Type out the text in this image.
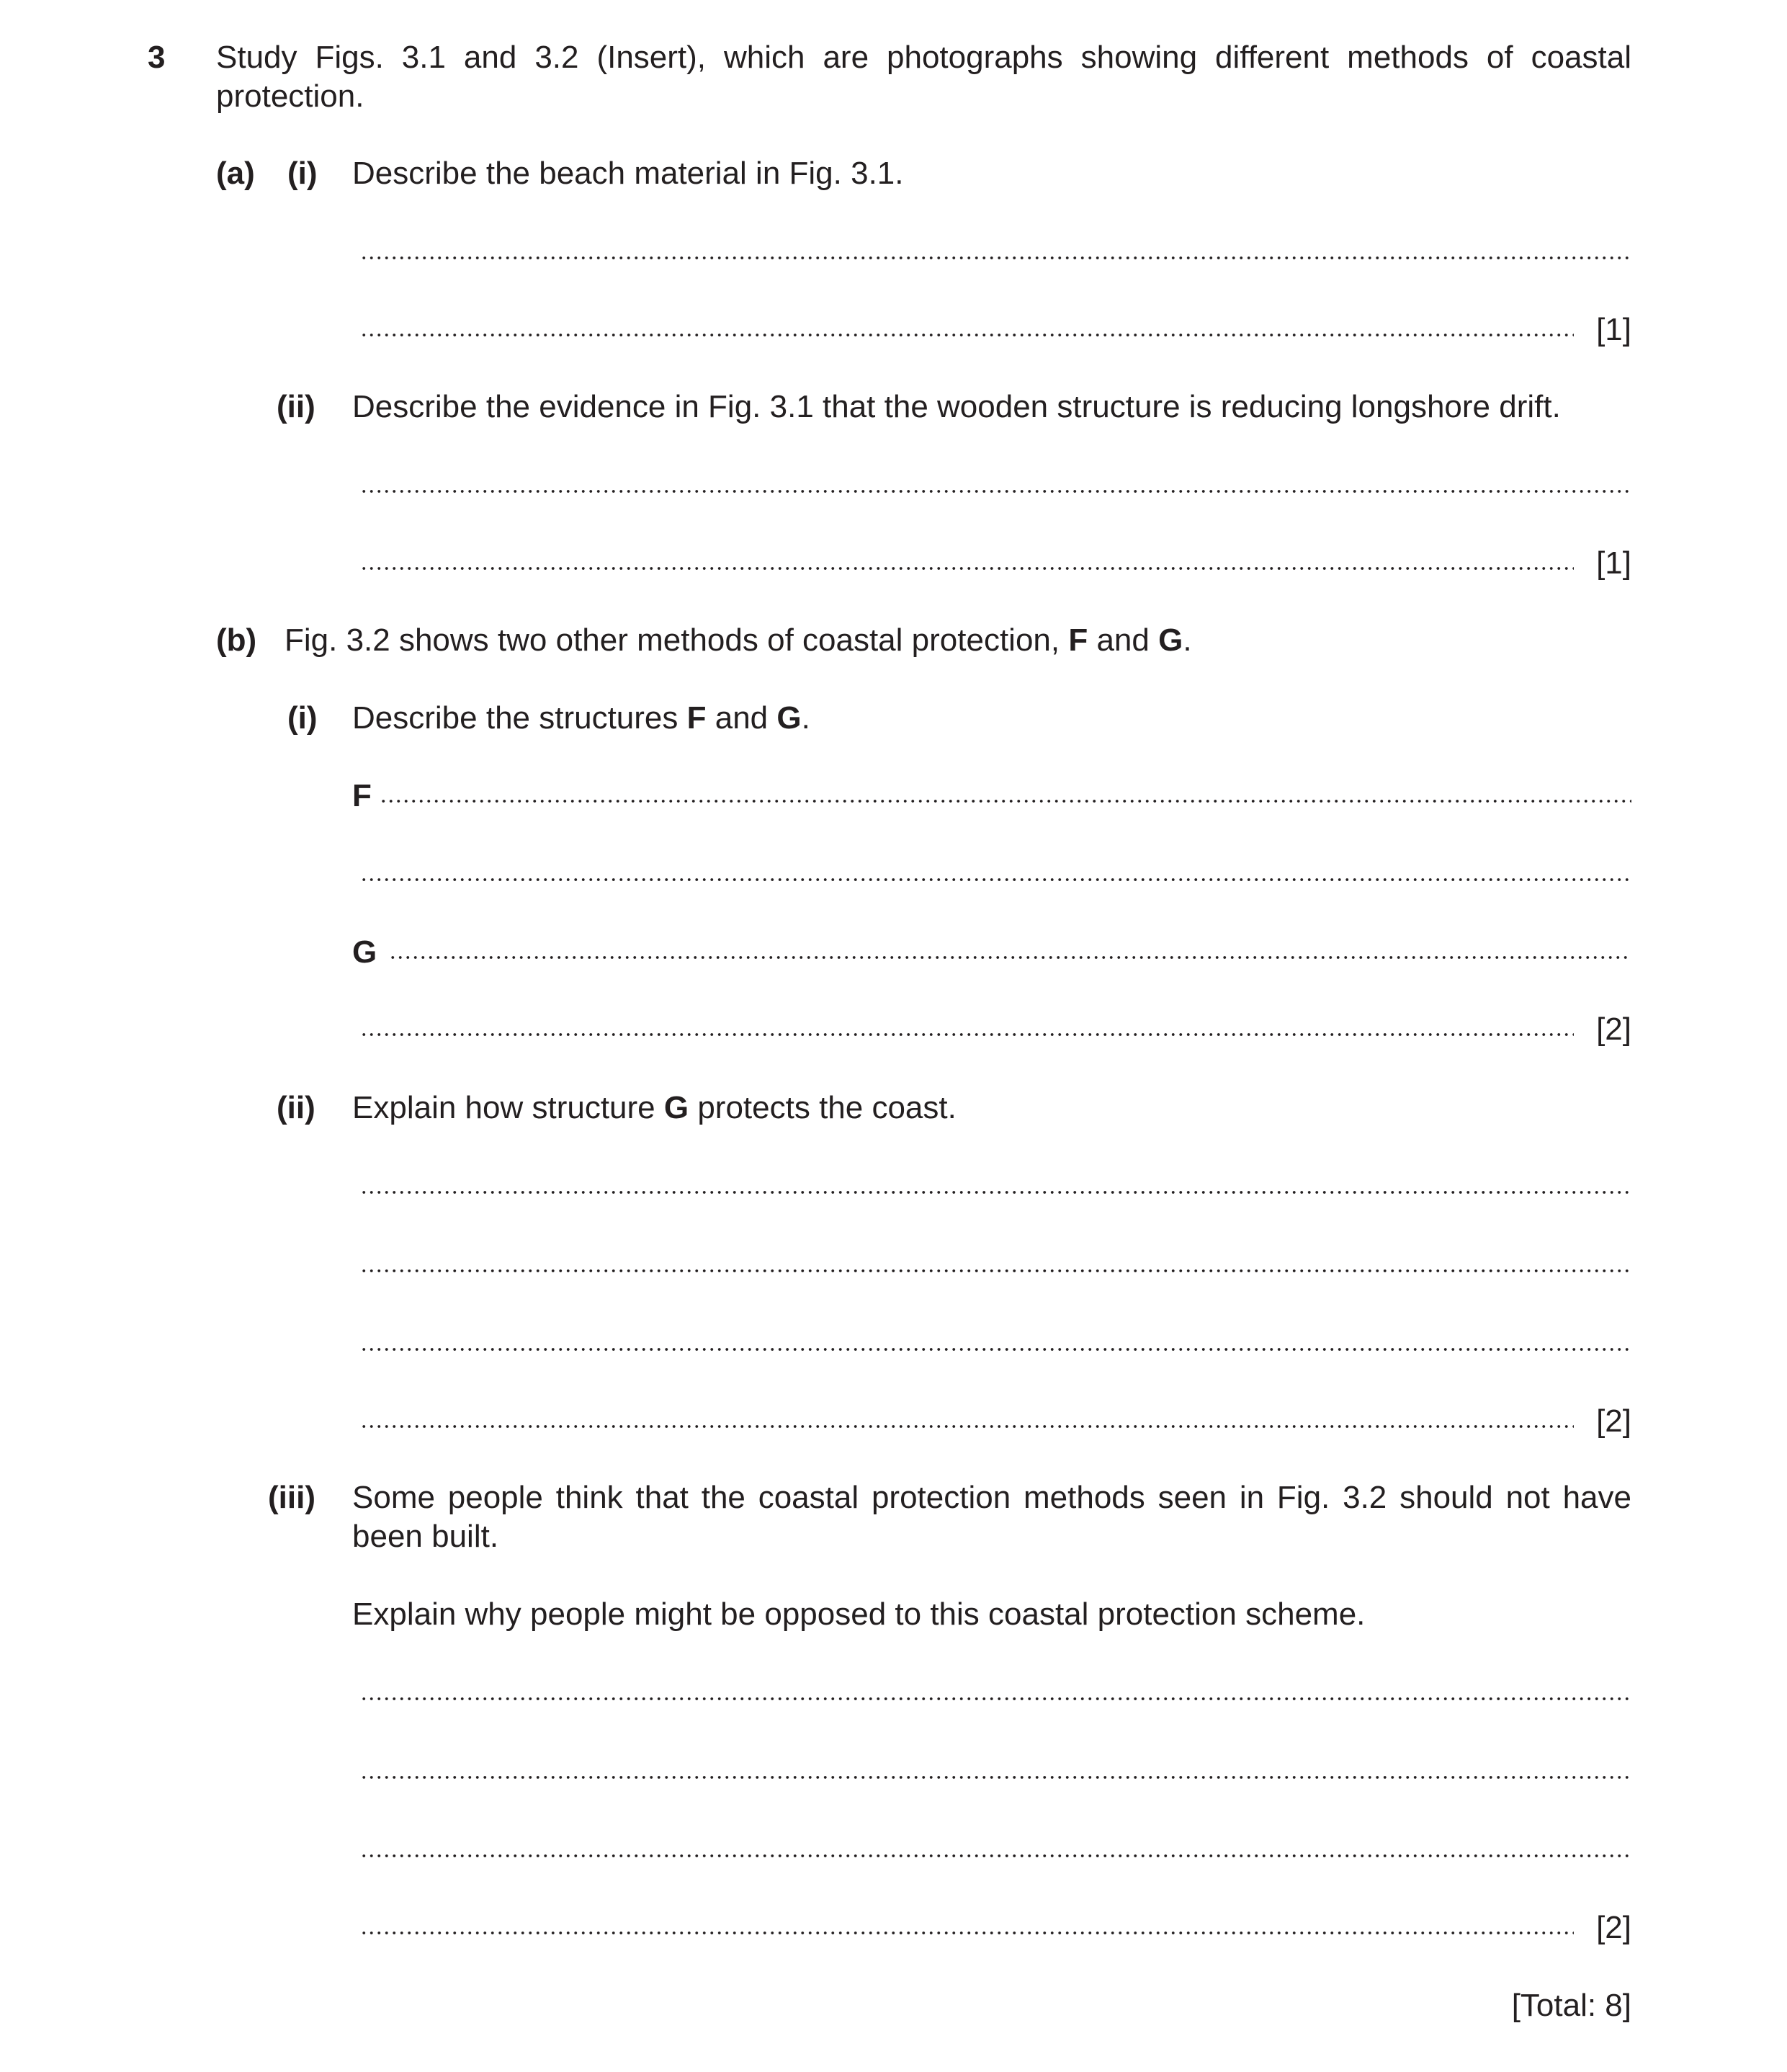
3 Study Figs. 3.1 and 3.2 (Insert), which are photographs showing different methods of coastal
protection.
(a) (i) Describe the beach material in Fig. 3.1.
[1]
(ii) Describe the evidence in Fig. 3.1 that the wooden structure is reducing longshore drift.
[1]
(b) Fig. 3.2 shows two other methods of coastal protection, F and G.
(i) Describe the structures F and G.
F
G
[2]
(ii) Explain how structure G protects the coast.
[2]
(iii) Some people think that the coastal protection methods seen in Fig. 3.2 should not have
been built.
Explain why people might be opposed to this coastal protection scheme.
[2]
[Total: 8]
